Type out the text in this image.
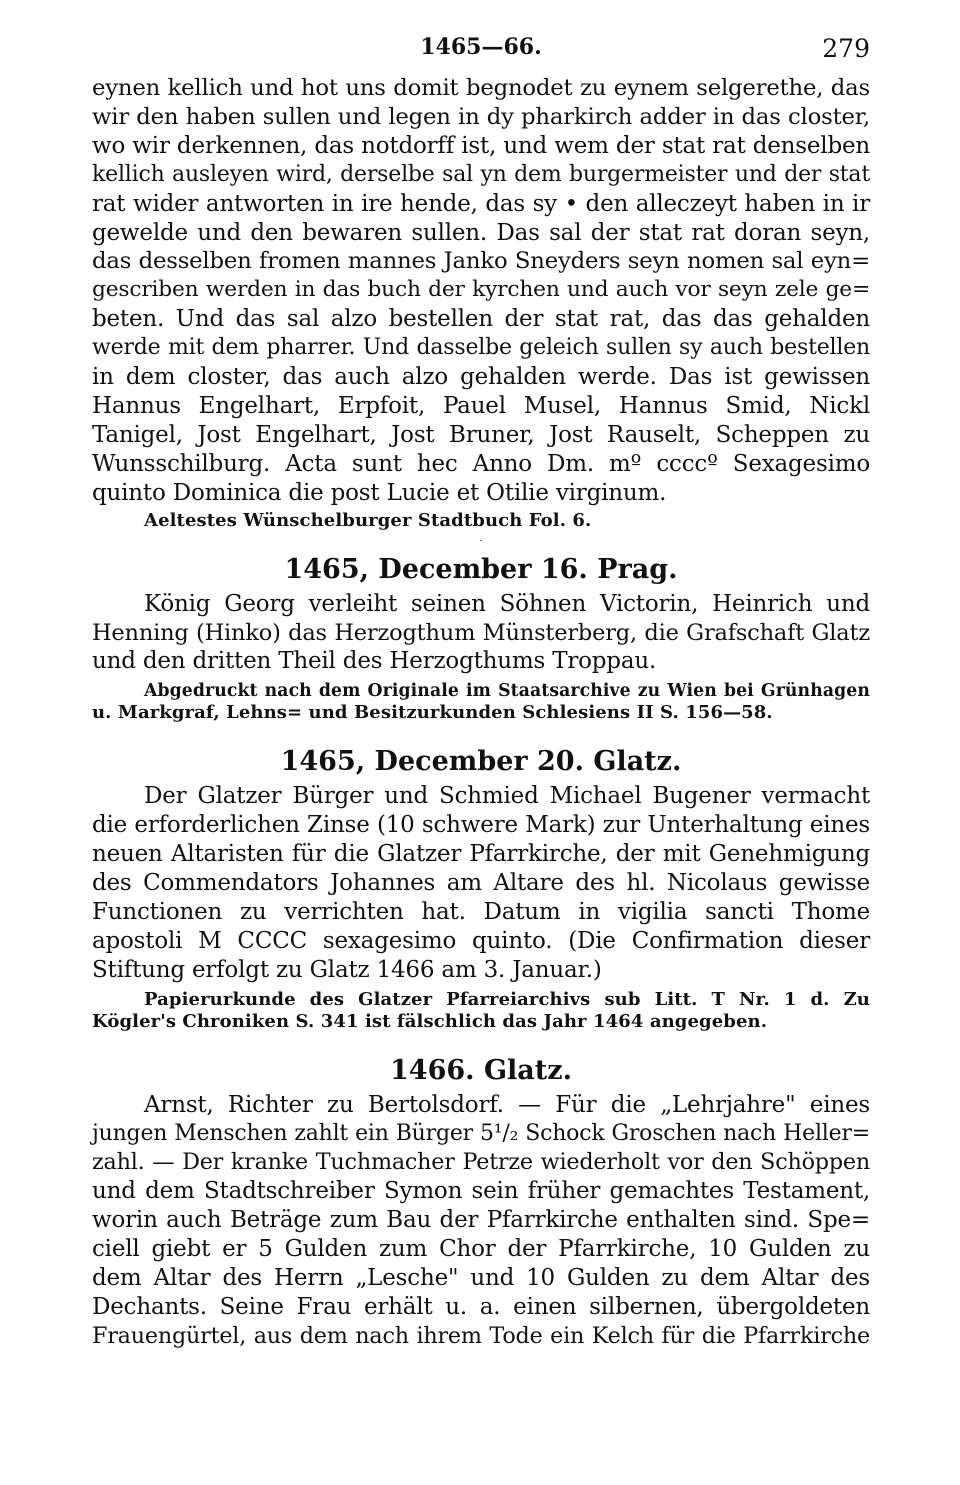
1465—66.	279
eynen kellich und hot uns domit begnodet zu eynem selgerethe, das
wir den haben sullen und legen in dy pharkirch adder in das closter,
wo wir derkennen, das notdorff ist, und wem der stat rat denselben
kellich ausleyen wird, derselbe sal yn dem burgermeister und der stat
rat wider antworten in ire hende, das sy • den alleczeyt haben in ir
gewelde und den bewaren sullen. Das sal der stat rat doran seyn,
das desselben fromen mannes Janko Sneyders seyn nomen sal eyn=
gescriben werden in das buch der kyrchen und auch vor seyn zele ge=
beten. Und das sal alzo bestellen der stat rat, das das gehalden
werde mit dem pharrer. Und dasselbe geleich sullen sy auch bestellen
in dem closter, das auch alzo gehalden werde. Das ist gewissen
Hannus Engelhart, Erpfoit, Pauel Musel, Hannus Smid, Nickl
Tanigel, Jost Engelhart, Jost Bruner, Jost Rauselt, Scheppen zu
Wunsschilburg. Acta sunt hec Anno Dm. mº ccccº Sexagesimo
quinto Dominica die post Lucie et Otilie virginum.

Aeltestes Wünschelburger Stadtbuch Fol. 6.

·

1465, December 16. Prag.
König Georg verleiht seinen Söhnen Victorin, Heinrich und
Henning (Hinko) das Herzogthum Münsterberg, die Grafschaft Glatz
und den dritten Theil des Herzogthums Troppau.
Abgedruckt nach dem Originale im Staatsarchive zu Wien bei Grünhagen
u. Markgraf, Lehns= und Besitzurkunden Schlesiens II S. 156—58.
1465, December 20. Glatz.
Der Glatzer Bürger und Schmied Michael Bugener vermacht
die erforderlichen Zinse (10 schwere Mark) zur Unterhaltung eines
neuen Altaristen für die Glatzer Pfarrkirche, der mit Genehmigung
des Commendators Johannes am Altare des hl. Nicolaus gewisse
Functionen zu verrichten hat. Datum in vigilia sancti Thome
apostoli M CCCC sexagesimo quinto. (Die Confirmation dieser
Stiftung erfolgt zu Glatz 1466 am 3. Januar.)
Papierurkunde des Glatzer Pfarreiarchivs sub Litt. T Nr. 1 d. Zu
Kögler's Chroniken S. 341 ist fälschlich das Jahr 1464 angegeben.
1466. Glatz.
Arnst, Richter zu Bertolsdorf. — Für die „Lehrjahre" eines
jungen Menschen zahlt ein Bürger 5¹/₂ Schock Groschen nach Heller=
zahl. — Der kranke Tuchmacher Petrze wiederholt vor den Schöppen
und dem Stadtschreiber Symon sein früher gemachtes Testament,
worin auch Beträge zum Bau der Pfarrkirche enthalten sind. Spe=
ciell giebt er 5 Gulden zum Chor der Pfarrkirche, 10 Gulden zu
dem Altar des Herrn „Lesche" und 10 Gulden zu dem Altar des
Dechants. Seine Frau erhält u. a. einen silbernen, übergoldeten
Frauengürtel, aus dem nach ihrem Tode ein Kelch für die Pfarrkirche
